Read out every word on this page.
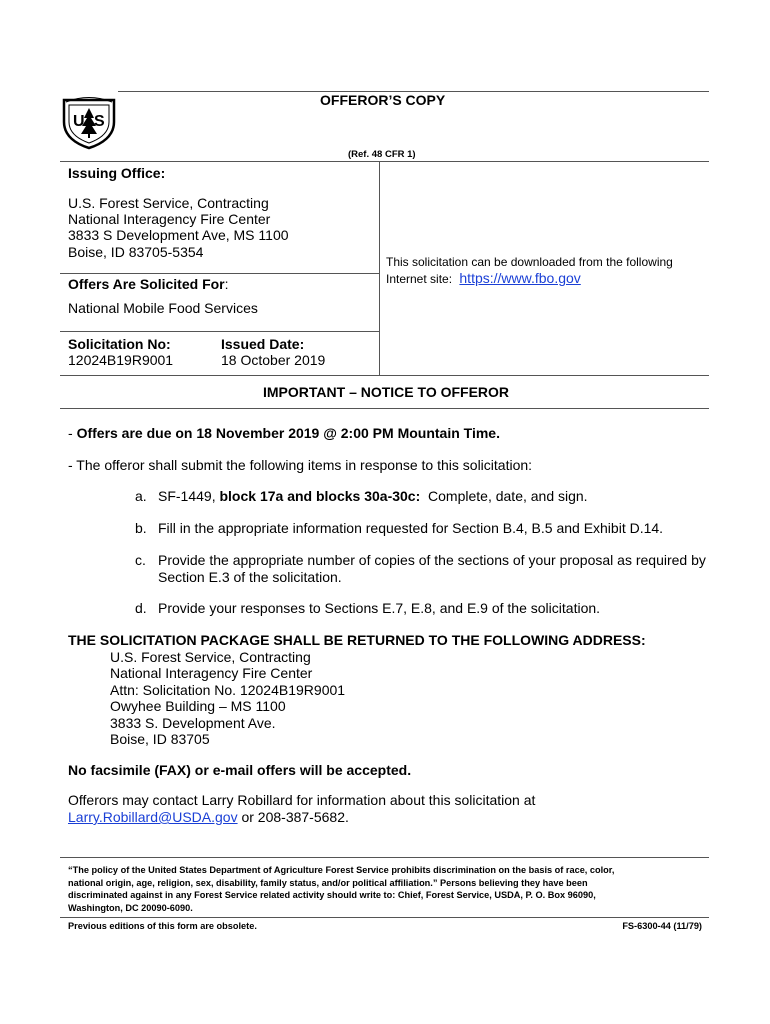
U S
OFFEROR’S COPY
(Ref. 48 CFR 1)
Issuing Office:
U.S. Forest Service, Contracting
National Interagency Fire Center
3833 S Development Ave, MS 1100
Boise, ID 83705-5354
This solicitation can be downloaded from the following
Internet site: https://www.fbo.gov
Offers Are Solicited For:
National Mobile Food Services
Solicitation No:
12024B19R9001
Issued Date:
18 October 2019
IMPORTANT – NOTICE TO OFFEROR
- Offers are due on 18 November 2019 @ 2:00 PM Mountain Time.
- The offeror shall submit the following items in response to this solicitation:
a. SF-1449, block 17a and blocks 30a-30c:  Complete, date, and sign.
b. Fill in the appropriate information requested for Section B.4, B.5 and Exhibit D.14.
c. Provide the appropriate number of copies of the sections of your proposal as required by
Section E.3 of the solicitation.
d. Provide your responses to Sections E.7, E.8, and E.9 of the solicitation.
THE SOLICITATION PACKAGE SHALL BE RETURNED TO THE FOLLOWING ADDRESS:
U.S. Forest Service, Contracting
National Interagency Fire Center
Attn: Solicitation No. 12024B19R9001
Owyhee Building – MS 1100
3833 S. Development Ave.
Boise, ID 83705
No facsimile (FAX) or e-mail offers will be accepted.
Offerors may contact Larry Robillard for information about this solicitation at
Larry.Robillard@USDA.gov or 208-387-5682.
“The policy of the United States Department of Agriculture Forest Service prohibits discrimination on the basis of race, color,
national origin, age, religion, sex, disability, family status, and/or political affiliation.” Persons believing they have been
discriminated against in any Forest Service related activity should write to: Chief, Forest Service, USDA, P. O. Box 96090,
Washington, DC 20090-6090.
Previous editions of this form are obsolete.	FS-6300-44 (11/79)
